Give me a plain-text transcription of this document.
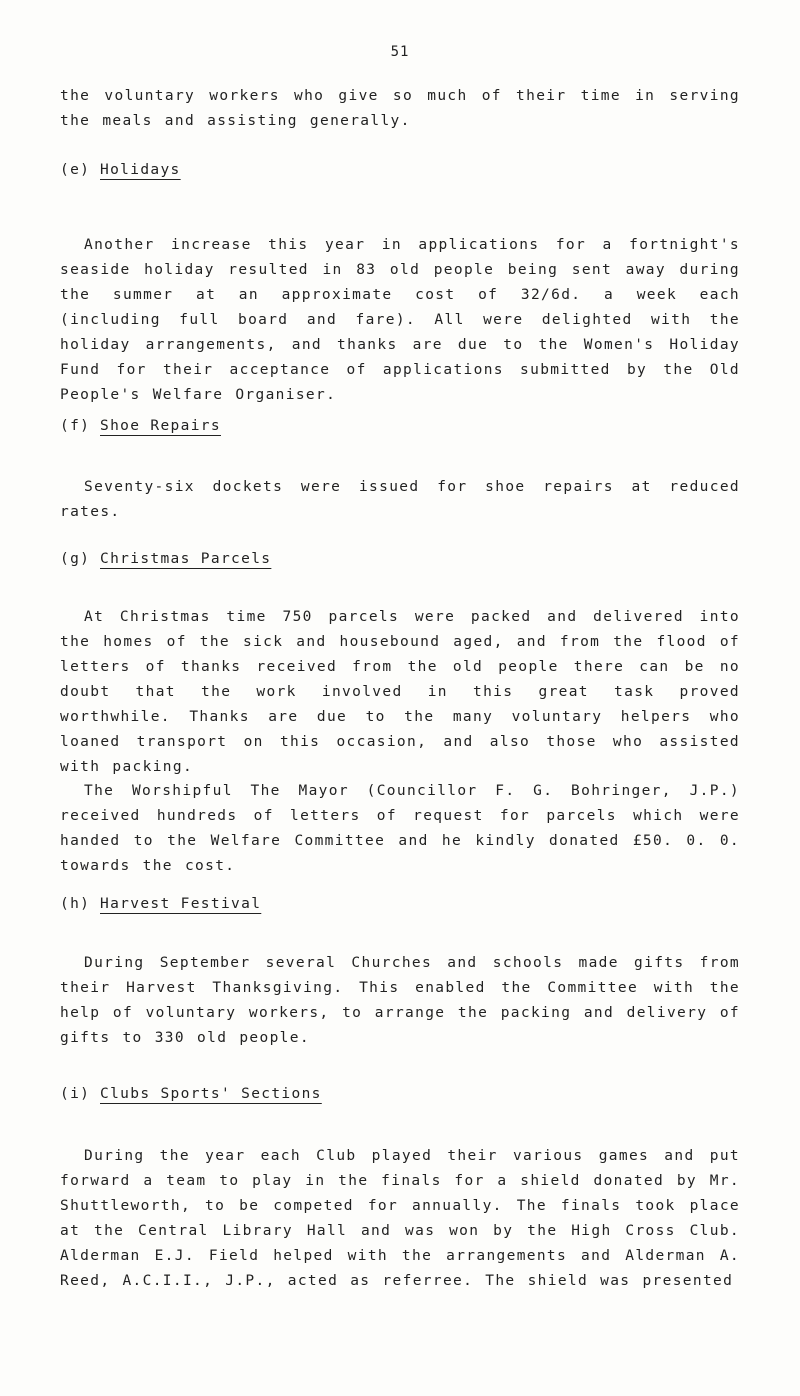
51

the voluntary workers who give so much of their time in serving the meals and assisting generally.

(e) Holidays

Another increase this year in applications for a fortnight's seaside holiday resulted in 83 old people being sent away during the summer at an approximate cost of 32/6d. a week each (including full board and fare). All were delighted with the holiday arrangements, and thanks are due to the Women's Holiday Fund for their acceptance of applications submitted by the Old People's Welfare Organiser.

(f) Shoe Repairs

Seventy-six dockets were issued for shoe repairs at reduced rates.

(g) Christmas Parcels

At Christmas time 750 parcels were packed and delivered into the homes of the sick and housebound aged, and from the flood of letters of thanks received from the old people there can be no doubt that the work involved in this great task proved worthwhile. Thanks are due to the many voluntary helpers who loaned transport on this occasion, and also those who assisted with packing.

The Worshipful The Mayor (Councillor F. G. Bohringer, J.P.) received hundreds of letters of request for parcels which were handed to the Welfare Committee and he kindly donated £50. 0. 0. towards the cost.

(h) Harvest Festival

During September several Churches and schools made gifts from their Harvest Thanksgiving. This enabled the Committee with the help of voluntary workers, to arrange the packing and delivery of gifts to 330 old people.

(i) Clubs Sports' Sections

During the year each Club played their various games and put forward a team to play in the finals for a shield donated by Mr. Shuttleworth, to be competed for annually. The finals took place at the Central Library Hall and was won by the High Cross Club. Alderman E.J. Field helped with the arrangements and Alderman A. Reed, A.C.I.I., J.P., acted as referree. The shield was presented
